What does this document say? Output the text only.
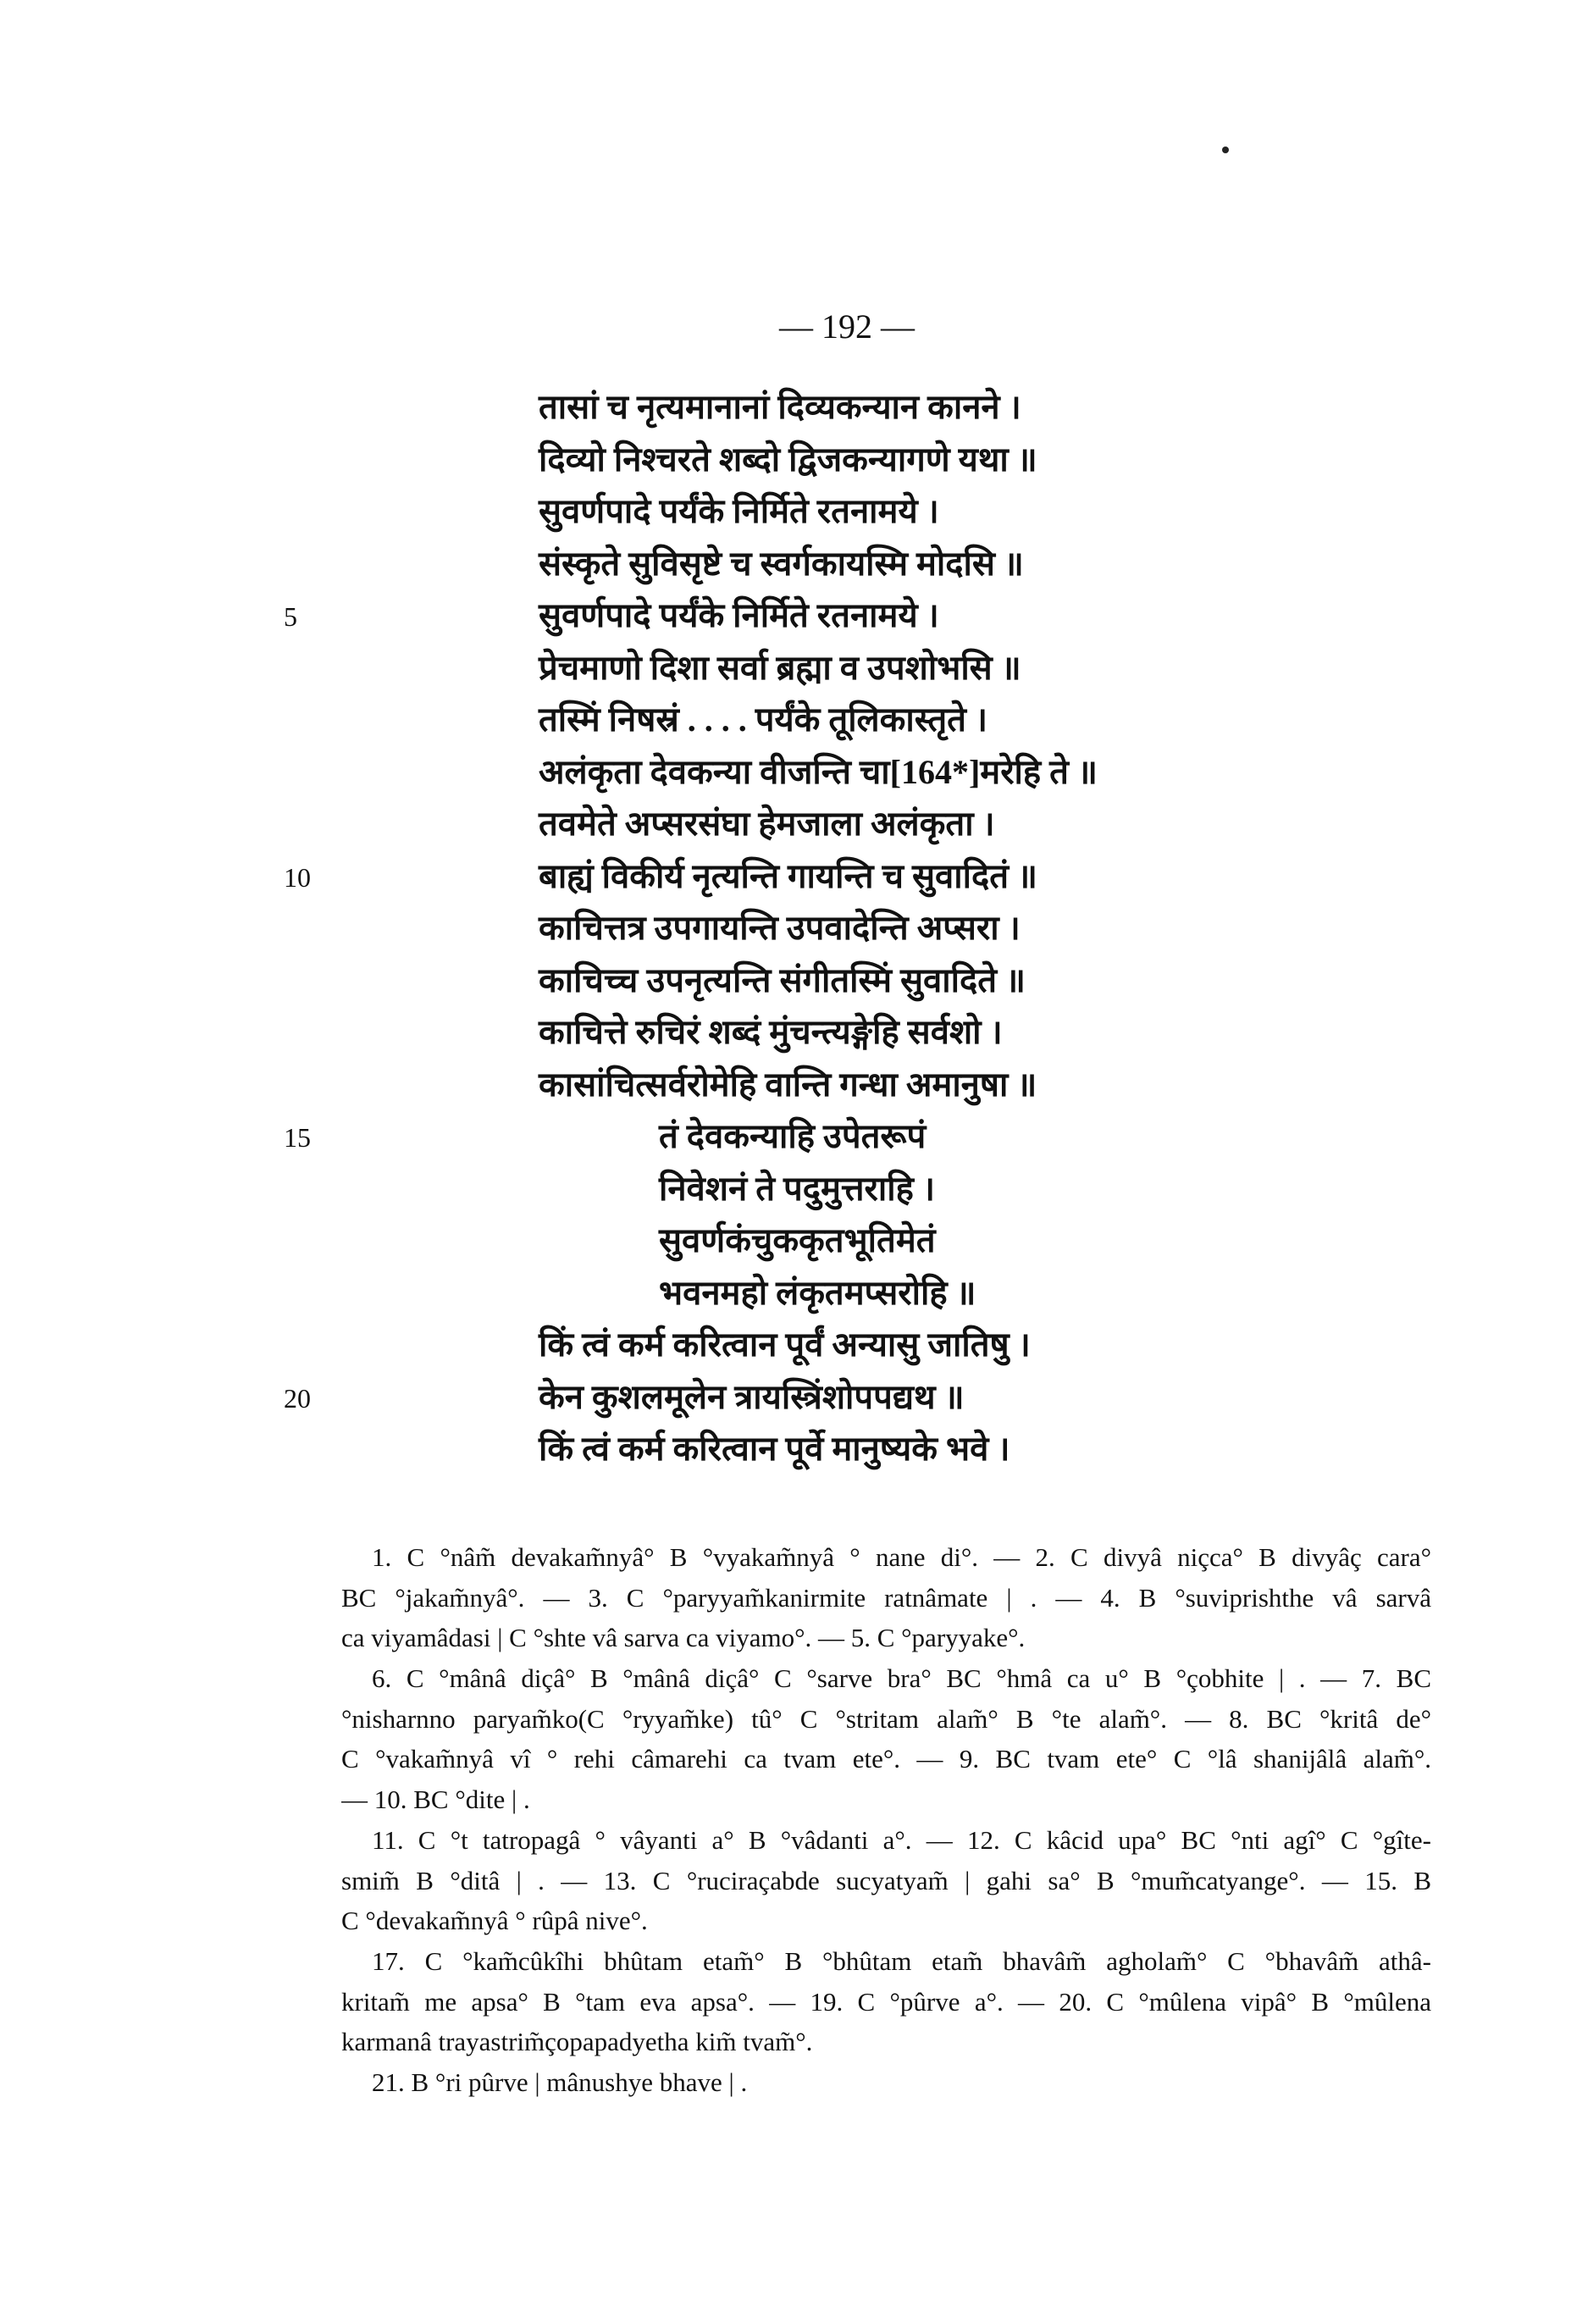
— 192 —
तासां च नृत्यमानानां दिव्यकन्यान कानने ।
दिव्यो निश्चरते शब्दो द्विजकन्यागणे यथा ॥
सुवर्णपादे पर्यंके निर्मिते रतनामये ।
संस्कृते सुविसृष्टे च स्वर्गकायस्मि मोदसि ॥
सुवर्णपादे पर्यंके निर्मिते रतनामये ।
प्रेचमाणो दिशा सर्वा ब्रह्मा व उपशोभसि ॥
तस्मिं निषस्रं . . . . पर्यंके तूलिकास्तृते ।
अलंकृता देवकन्या वीजन्ति चा[164*]मरेहि ते ॥
तवमेते अप्सरसंघा हेमजाला अलंकृता ।
बाह्यं विकीर्य नृत्यन्ति गायन्ति च सुवादितं ॥
काचित्तत्र उपगायन्ति उपवादेन्ति अप्सरा ।
काचिच्च उपनृत्यन्ति संगीतस्मिं सुवादिते ॥
काचित्ते रुचिरं शब्दं मुंचन्त्यङ्गेहि सर्वशो ।
कासांचित्सर्वरोमेहि वान्ति गन्धा अमानुषा ॥
तं देवकन्याहि उपेतरूपं
निवेशनं ते पदुमुत्तराहि ।
सुवर्णकंचुककृतभूतिमेतं
भवनमहो लंकृतमप्सरोहि ॥
किं त्वं कर्म करित्वान पूर्वं अन्यासु जातिषु ।
केन कुशलमूलेन त्रायस्त्रिंशोपपद्यथ ॥
किं त्वं कर्म करित्वान पूर्वे मानुष्यके भवे ।
5
10
15
20
1. C °nâm̃ devakam̃nyâ° B °vyakam̃nyâ ° nane di°. — 2. C divyâ niçca° B divyâç cara°
BC °jakam̃nyâ°. — 3. C °paryyam̃kanirmite ratnâmate | . — 4. B °suviprishthe vâ sarvâ
ca viyamâdasi | C °shte vâ sarva ca viyamo°. — 5. C °paryyake°.
6. C °mânâ diçâ° B °mânâ diçâ° C °sarve bra° BC °hmâ ca u° B °çobhite | . — 7. BC
°nisharnno paryam̃ko(C °ryyam̃ke) tû° C °stritam alam̃° B °te alam̃°. — 8. BC °kritâ de°
C °vakam̃nyâ vî ° rehi câmarehi ca tvam ete°. — 9. BC tvam ete° C °lâ shanijâlâ alam̃°.
— 10. BC °dite | .
11. C °t tatropagâ ° vâyanti a° B °vâdanti a°. — 12. C kâcid upa° BC °nti agî° C °gîte-
smim̃ B °ditâ | . — 13. C °ruciraçabde sucyatyam̃ | gahi sa° B °mum̃catyange°. — 15. B
C °devakam̃nyâ ° rûpâ nive°.
17. C °kam̃cûkîhi bhûtam etam̃° B °bhûtam etam̃ bhavâm̃ agholam̃° C °bhavâm̃ athâ-
kritam̃ me apsa° B °tam eva apsa°. — 19. C °pûrve a°. — 20. C °mûlena vipâ° B °mûlena
karmanâ trayastrim̃çopapadyetha kim̃ tvam̃°.
21. B °ri pûrve | mânushye bhave | .
